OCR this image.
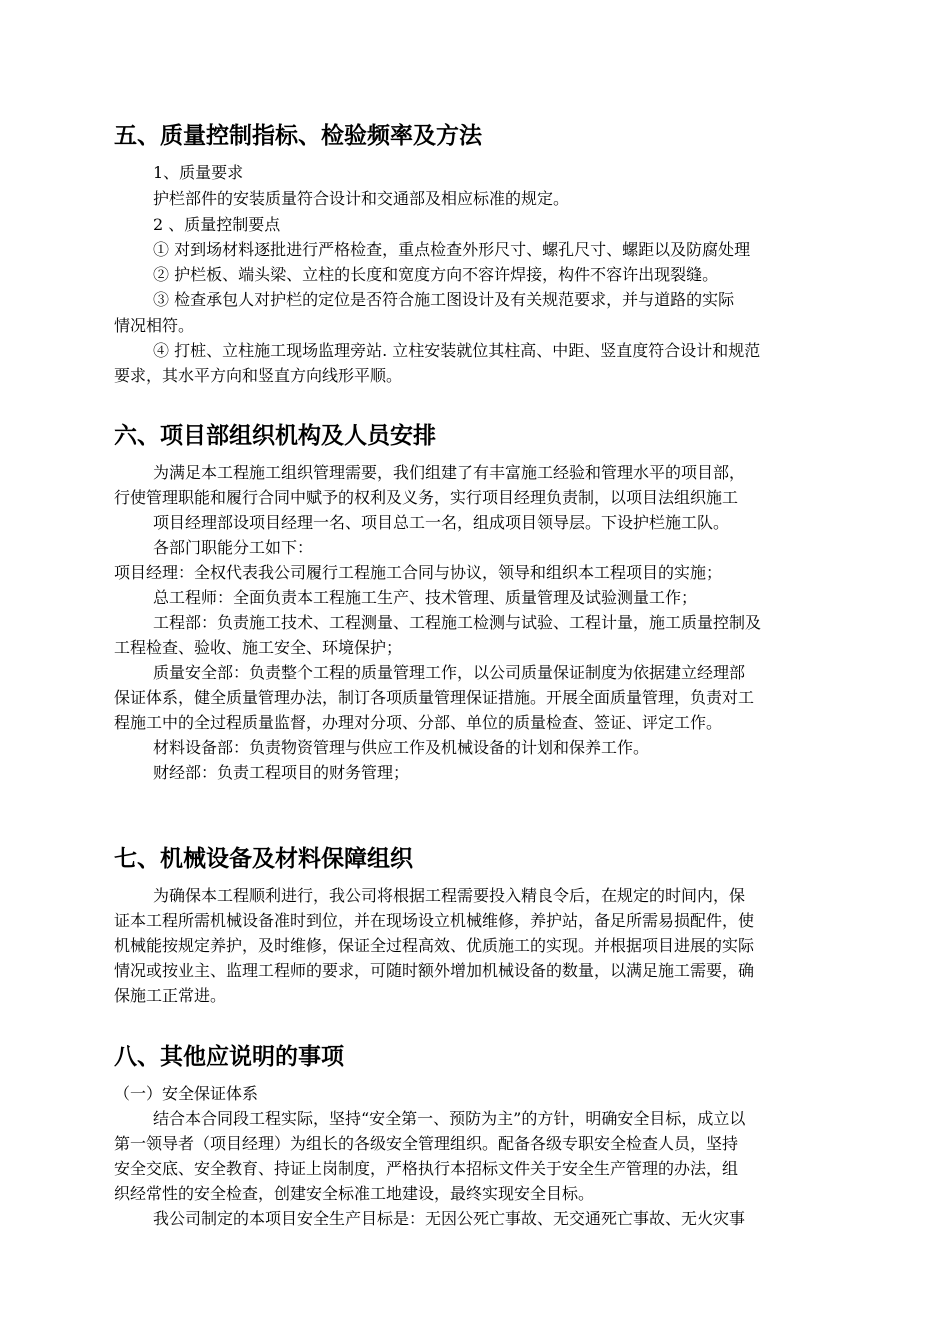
五、质量控制指标、检验频率及方法

1、质量要求

护栏部件的安装质量符合设计和交通部及相应标准的规定。

2 、质量控制要点

① 对到场材料逐批进行严格检查，重点检查外形尺寸、螺孔尺寸、螺距以及防腐处理

② 护栏板、端头梁、立柱的长度和宽度方向不容许焊接，构件不容许出现裂缝。

③ 检查承包人对护栏的定位是否符合施工图设计及有关规范要求，并与道路的实际

情况相符。

④ 打桩、立柱施工现场监理旁站. 立柱安装就位其柱高、中距、竖直度符合设计和规范

要求，其水平方向和竖直方向线形平顺。

六、项目部组织机构及人员安排

为满足本工程施工组织管理需要，我们组建了有丰富施工经验和管理水平的项目部，

行使管理职能和履行合同中赋予的权利及义务，实行项目经理负责制，以项目法组织施工

项目经理部设项目经理一名、项目总工一名，组成项目领导层。下设护栏施工队。

各部门职能分工如下：

项目经理：全权代表我公司履行工程施工合同与协议，领导和组织本工程项目的实施；

总工程师：全面负责本工程施工生产、技术管理、质量管理及试验测量工作；

工程部：负责施工技术、工程测量、工程施工检测与试验、工程计量，施工质量控制及

工程检查、验收、施工安全、环境保护；

质量安全部：负责整个工程的质量管理工作，以公司质量保证制度为依据建立经理部

保证体系，健全质量管理办法，制订各项质量管理保证措施。开展全面质量管理，负责对工

程施工中的全过程质量监督，办理对分项、分部、单位的质量检查、签证、评定工作。

材料设备部：负责物资管理与供应工作及机械设备的计划和保养工作。

财经部：负责工程项目的财务管理；

七、机械设备及材料保障组织

为确保本工程顺利进行，我公司将根据工程需要投入精良令后，在规定的时间内，保

证本工程所需机械设备准时到位，并在现场设立机械维修，养护站，备足所需易损配件，使

机械能按规定养护，及时维修，保证全过程高效、优质施工的实现。并根据项目进展的实际

情况或按业主、监理工程师的要求，可随时额外增加机械设备的数量，以满足施工需要，确

保施工正常进。

八、其他应说明的事项

（一）安全保证体系

结合本合同段工程实际，坚持“安全第一、预防为主”的方针，明确安全目标，成立以

第一领导者（项目经理）为组长的各级安全管理组织。配备各级专职安全检查人员，坚持

安全交底、安全教育、持证上岗制度，严格执行本招标文件关于安全生产管理的办法，组

织经常性的安全检查，创建安全标准工地建设，最终实现安全目标。

我公司制定的本项目安全生产目标是：无因公死亡事故、无交通死亡事故、无火灾事
